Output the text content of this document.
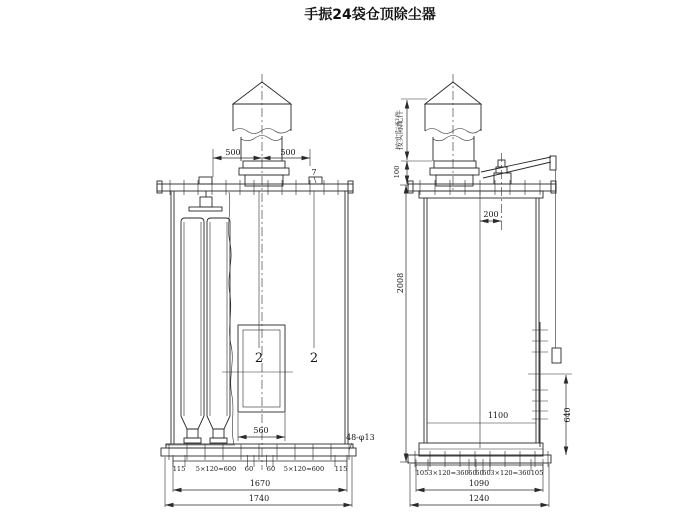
手振24袋仓顶除尘器
2	2
500	500
7
560
48-φ13
115 5×120=600 60 60 5×120=600 115
1670
1740
按实际配件
100
200
2008
640
1100
105 3×120=360 60
60
60 3×120=360 105
1090
1240
